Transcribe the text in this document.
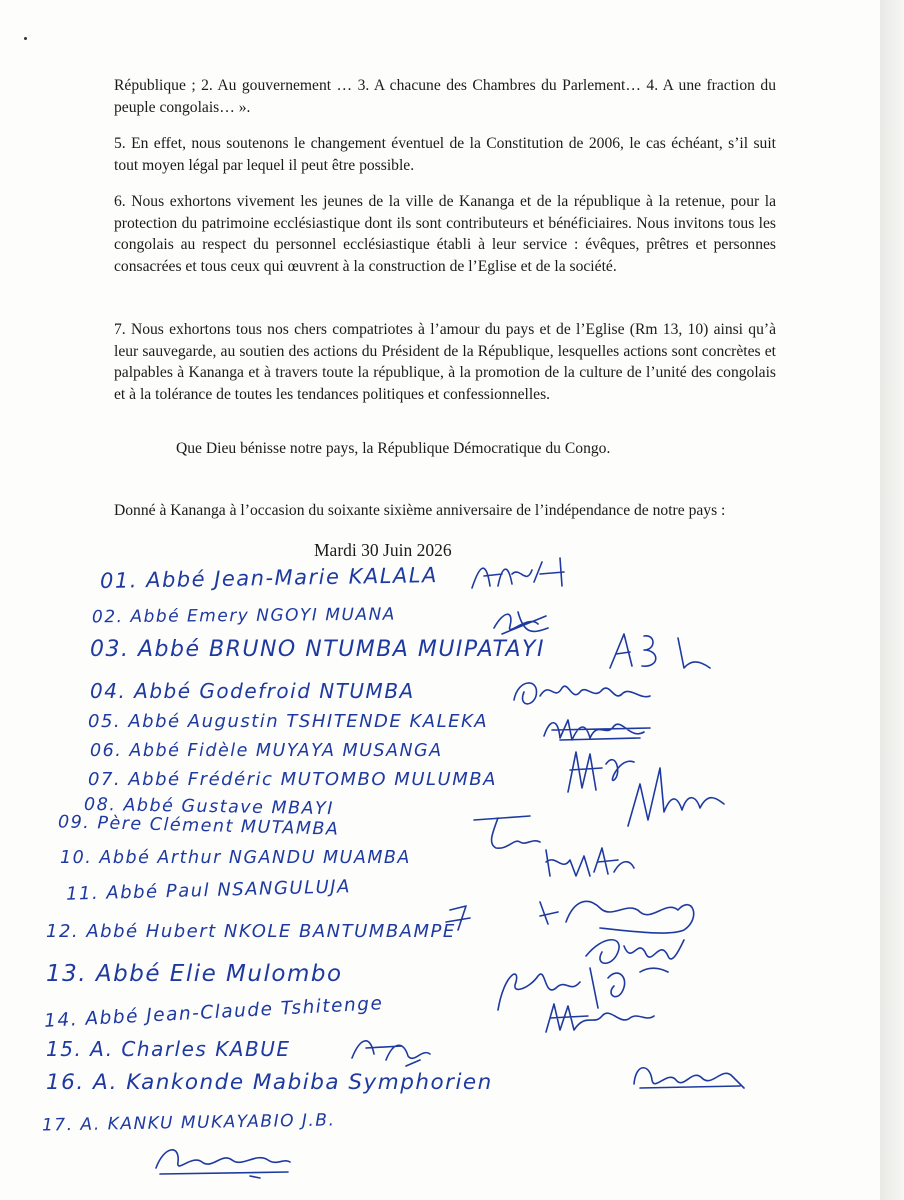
République ; 2. Au gouvernement … 3. A chacune des Chambres du Parlement… 4. A une fraction du peuple congolais… ».

5. En effet, nous soutenons le changement éventuel de la Constitution de 2006, le cas échéant, s’il suit tout moyen légal par lequel il peut être possible.

6. Nous exhortons vivement les jeunes de la ville de Kananga et de la république à la retenue, pour la protection du patrimoine ecclésiastique dont ils sont contributeurs et bénéficiaires. Nous invitons tous les congolais au respect du personnel ecclésiastique établi à leur service : évêques, prêtres et personnes consacrées et tous ceux qui œuvrent à la construction de l’Eglise et de la société.

7. Nous exhortons tous nos chers compatriotes à l’amour du pays et de l’Eglise (Rm 13, 10) ainsi qu’à leur sauvegarde, au soutien des actions du Président de la République, lesquelles actions sont concrètes et palpables à Kananga et à travers toute la république, à la promotion de la culture de l’unité des congolais et à la tolérance de toutes les tendances politiques et confessionnelles.

Que Dieu bénisse notre pays, la République Démocratique du Congo.

Donné à Kananga à l’occasion du soixante sixième anniversaire de l’indépendance de notre pays :

Mardi 30 Juin 2026

01. Abbé Jean-Marie KALALA
02. Abbé Emery NGOYI MUANA
03. Abbé BRUNO NTUMBA MUIPATAYI
04. Abbé Godefroid NTUMBA
05. Abbé Augustin TSHITENDE KALEKA
06. Abbé Fidèle MUYAYA MUSANGA
07. Abbé Frédéric MUTOMBO MULUMBA
08. Abbé Gustave MBAYI
09. Père Clément MUTAMBA
10. Abbé Arthur NGANDU MUAMBA
11. Abbé Paul NSANGULUJA
12. Abbé Hubert NKOLE BANTUMBAMPE
13. Abbé Elie Mulombo
14. Abbé Jean-Claude Tshitenge
15. A. Charles KABUE
16. A. Kankonde Mabiba Symphorien
17. A. KANKU MUKAYABIO J.B.
